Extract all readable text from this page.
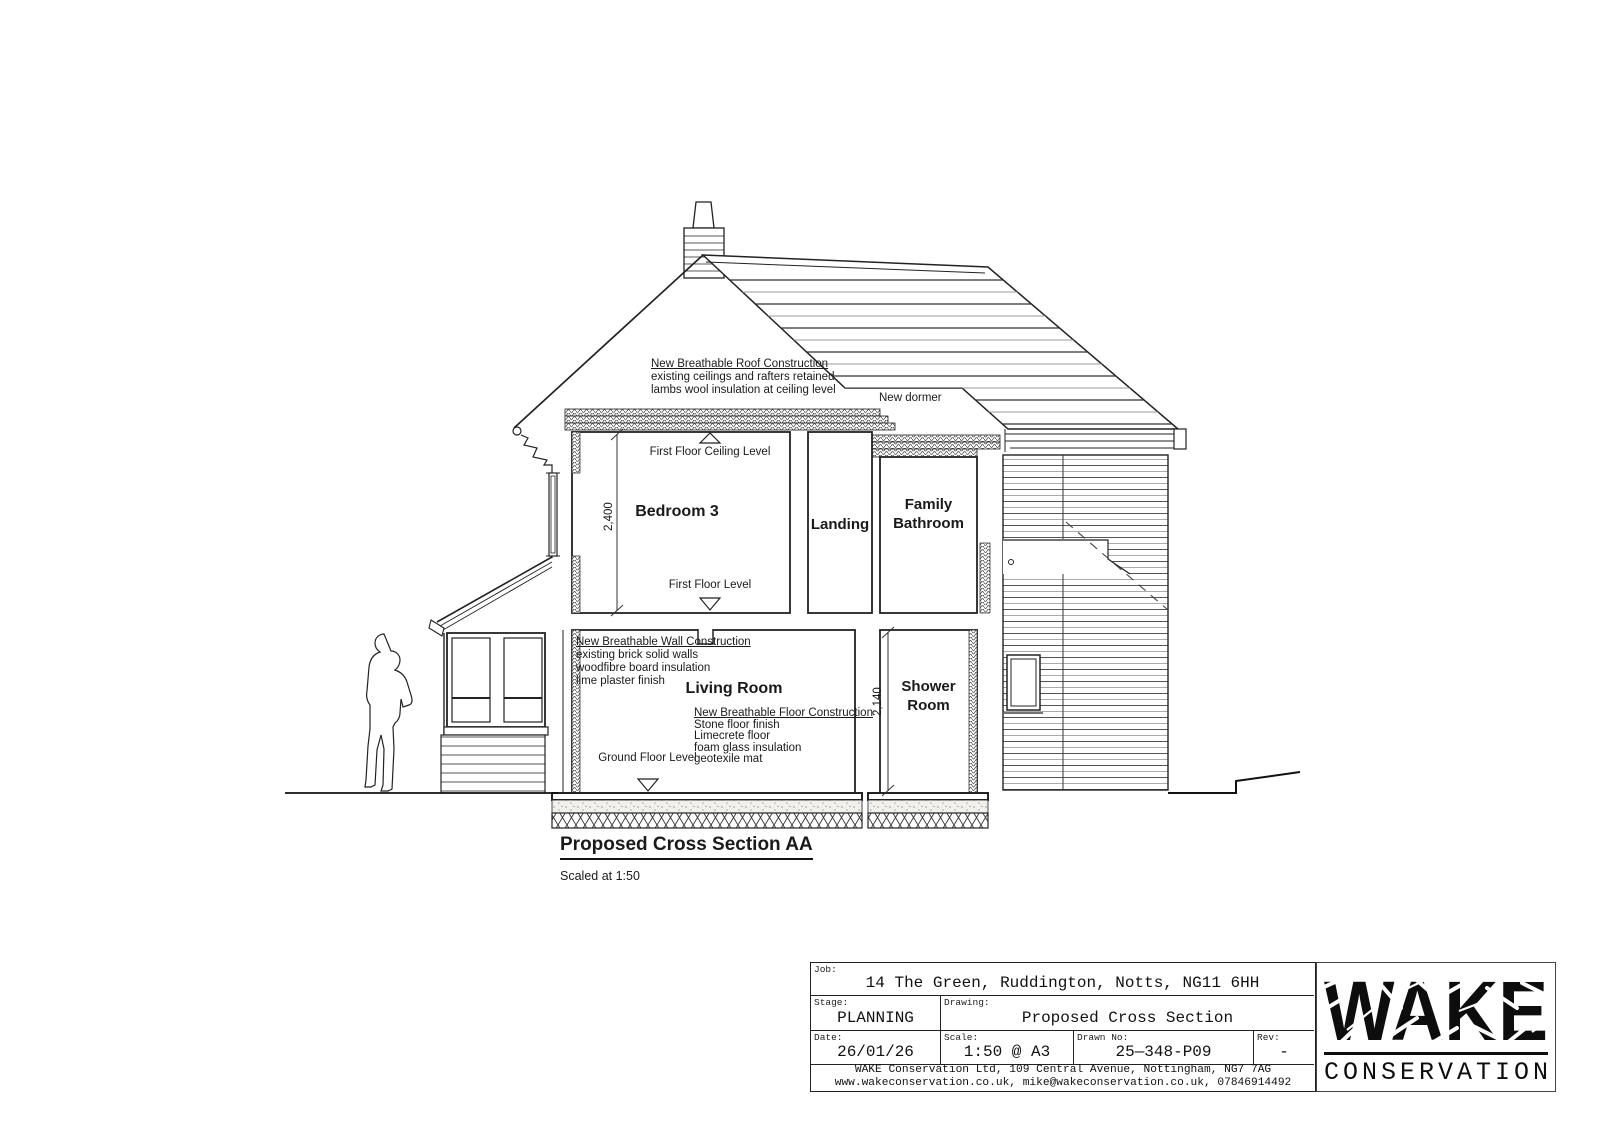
New Breathable Roof Construction
existing ceilings and rafters retained
lambs wool insulation at ceiling level
New dormer
First Floor Ceiling Level
Bedroom 3
2,400	Landing
Family Bathroom
First Floor Level
New Breathable Wall Construction
existing brick solid walls
woodfibre board insulation
lime plaster finish	Living Room
New Breathable Floor Construction
Stone floor finish
Limecrete floor
foam glass insulation
geotexile mat
Ground Floor Level
2,140
Shower Room
Proposed Cross Section AA
Scaled at 1:50
Job:
14 The Green, Ruddington, Notts, NG11 6HH
Stage:
PLANNING
Drawing:
Proposed Cross Section
Date:
26/01/26
Scale:
1:50 @ A3
Drawn No:
25—348-P09
Rev:
-
WAKE Conservation Ltd, 109 Central Avenue, Nottingham, NG7 7AG
www.wakeconservation.co.uk, mike@wakeconservation.co.uk, 07846914492	CONSERVATION
